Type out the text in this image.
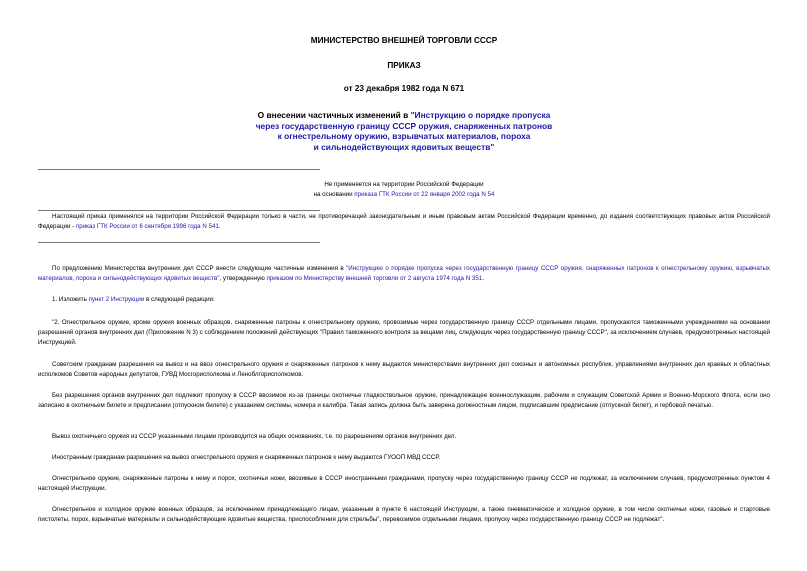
МИНИСТЕРСТВО ВНЕШНЕЙ ТОРГОВЛИ СССР
ПРИКАЗ
от 23 декабря 1982 года N 671
О внесении частичных изменений в "Инструкцию о порядке пропуска
через государственную границу СССР оружия, снаряженных патронов
к огнестрельному оружию, взрывчатых материалов, пороха
и сильнодействующих ядовитых веществ"
Не применяется на территории Российской Федерации
на основании приказа ГТК России от 22 января 2002 года N 54

Настоящий приказ применялся на территории Российской Федерации только в части, не противоречащей законодательным и иным правовым актам Российской Федерации временно, до издания соответствующих правовых актов Российской Федерации - приказ ГТК России от 6 сентября 1996 года N 541.

По предложению Министерства внутренних дел СССР внести следующие частичные изменения в "Инструкцию о порядке пропуска через государственную границу СССР оружия, снаряженных патронов к огнестрельному оружию, взрывчатых материалов, пороха и сильнодействующих ядовитых веществ", утвержденную приказом по Министерству внешней торговли от 2 августа 1974 года N 351.

1. Изложить пункт 2 Инструкции в следующей редакции:

"2. Огнестрельное оружие, кроме оружия военных образцов, снаряженные патроны к огнестрельному оружию, провозимые через государственную границу СССР отдельными лицами, пропускаются таможенными учреждениями на основании разрешений органов внутренних дел (Приложение N 3) с соблюдением положений действующих "Правил таможенного контроля за вещами лиц, следующих через государственную границу СССР", за исключением случаев, предусмотренных настоящей Инструкцией.

Советским гражданам разрешения на вывоз и на ввоз огнестрельного оружия и снаряженных патронов к нему выдаются министерствами внутренних дел союзных и автономных республик, управлениями внутренних дел краевых и областных исполкомов Советов народных депутатов, ГУВД Мосгорисполкома и Леноблгорисполкомов.

Без разрешения органов внутренних дел подлежит пропуску в СССР ввозимое из-за границы охотничье гладкоствольное оружие, принадлежащее военнослужащим, рабочим и служащим Советской Армии и Военно-Морского Флота, если оно записано в охотничьем билете и предписании (отпускном билете) с указанием системы, номера и калибра. Такая запись должна быть заверена должностным лицом, подписавшим предписание (отпускной билет), и гербовой печатью.

Вывоз охотничьего оружия из СССР указанными лицами производится на общих основаниях, т.е. по разрешениям органов внутренних дел.

Иностранным гражданам разрешения на вывоз огнестрельного оружия и снаряженных патронов к нему выдаются ГУООП МВД СССР.

Огнестрельное оружие, снаряженные патроны к нему и порох, охотничьи ножи, ввозимые в СССР иностранными гражданами, пропуску через государственную границу СССР не подлежат, за исключением случаев, предусмотренных пунктом 4 настоящей Инструкции.

Огнестрельное и холодное оружие военных образцов, за исключением принадлежащего лицам, указанным в пункте 6 настоящей Инструкции, а также пневматическое и холодное оружие, в том числе охотничьи ножи, газовые и стартовые пистолеты, порох, взрывчатые материалы и сильнодействующие ядовитые вещества, приспособления для стрельбы", перевозимое отдельными лицами, пропуску через государственную границу СССР не подлежат".
